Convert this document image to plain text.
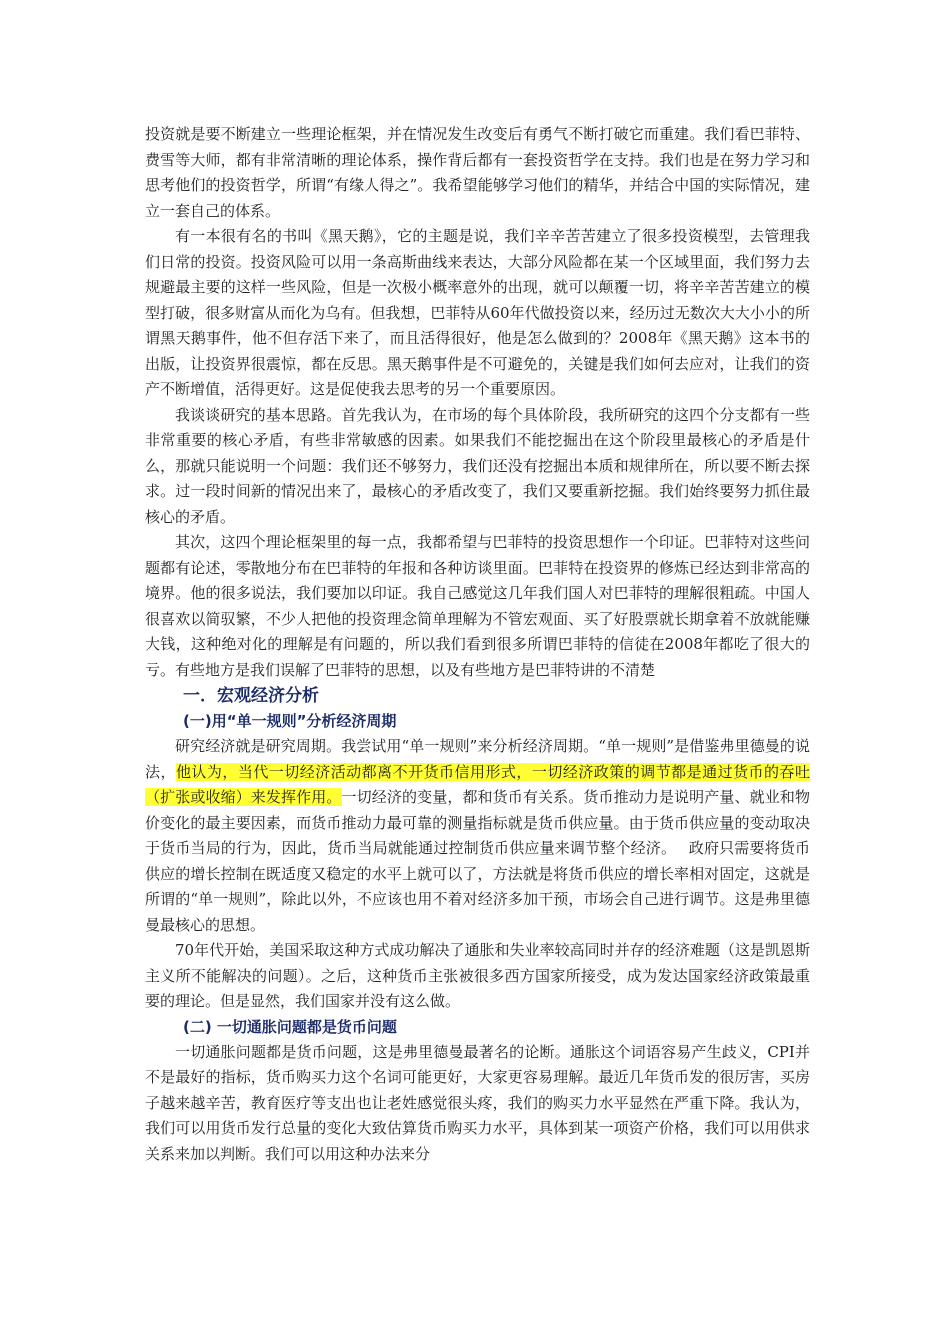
投资就是要不断建立一些理论框架，并在情况发生改变后有勇气不断打破它而重建。我们看巴菲特、费雪等大师，都有非常清晰的理论体系，操作背后都有一套投资哲学在支持。我们也是在努力学习和思考他们的投资哲学，所谓“有缘人得之”。我希望能够学习他们的精华，并结合中国的实际情况，建立一套自己的体系。

有一本很有名的书叫《黑天鹅》，它的主题是说，我们辛辛苦苦建立了很多投资模型，去管理我们日常的投资。投资风险可以用一条高斯曲线来表达，大部分风险都在某一个区域里面，我们努力去规避最主要的这样一些风险，但是一次极小概率意外的出现，就可以颠覆一切，将辛辛苦苦建立的模型打破，很多财富从而化为乌有。但我想，巴菲特从60年代做投资以来，经历过无数次大大小小的所谓黑天鹅事件，他不但存活下来了，而且活得很好，他是怎么做到的？2008年《黑天鹅》这本书的出版，让投资界很震惊，都在反思。黑天鹅事件是不可避免的，关键是我们如何去应对，让我们的资产不断增值，活得更好。这是促使我去思考的另一个重要原因。

我谈谈研究的基本思路。首先我认为，在市场的每个具体阶段，我所研究的这四个分支都有一些非常重要的核心矛盾，有些非常敏感的因素。如果我们不能挖掘出在这个阶段里最核心的矛盾是什么，那就只能说明一个问题：我们还不够努力，我们还没有挖掘出本质和规律所在，所以要不断去探求。过一段时间新的情况出来了，最核心的矛盾改变了，我们又要重新挖掘。我们始终要努力抓住最核心的矛盾。

其次，这四个理论框架里的每一点，我都希望与巴菲特的投资思想作一个印证。巴菲特对这些问题都有论述，零散地分布在巴菲特的年报和各种访谈里面。巴菲特在投资界的修炼已经达到非常高的境界。他的很多说法，我们要加以印证。我自己感觉这几年我们国人对巴菲特的理解很粗疏。中国人很喜欢以简驭繁，不少人把他的投资理念简单理解为不管宏观面、买了好股票就长期拿着不放就能赚大钱，这种绝对化的理解是有问题的，所以我们看到很多所谓巴菲特的信徒在2008年都吃了很大的亏。有些地方是我们误解了巴菲特的思想，以及有些地方是巴菲特讲的不清楚

一．宏观经济分析
(一)用“单一规则”分析经济周期

研究经济就是研究周期。我尝试用“单一规则”来分析经济周期。“单一规则”是借鉴弗里德曼的说法，他认为，当代一切经济活动都离不开货币信用形式，一切经济政策的调节都是通过货币的吞吐（扩张或收缩）来发挥作用。一切经济的变量，都和货币有关系。货币推动力是说明产量、就业和物价变化的最主要因素，而货币推动力最可靠的测量指标就是货币供应量。由于货币供应量的变动取决于货币当局的行为，因此，货币当局就能通过控制货币供应量来调节整个经济。　 政府只需要将货币供应的增长控制在既适度又稳定的水平上就可以了，方法就是将货币供应的增长率相对固定，这就是所谓的“单一规则”，除此以外，不应该也用不着对经济多加干预，市场会自己进行调节。这是弗里德曼最核心的思想。

70年代开始，美国采取这种方式成功解决了通胀和失业率较高同时并存的经济难题（这是凯恩斯主义所不能解决的问题）。之后，这种货币主张被很多西方国家所接受，成为发达国家经济政策最重要的理论。但是显然，我们国家并没有这么做。

(二) 一切通胀问题都是货币问题

一切通胀问题都是货币问题，这是弗里德曼最著名的论断。通胀这个词语容易产生歧义，CPI并不是最好的指标，货币购买力这个名词可能更好，大家更容易理解。最近几年货币发的很厉害，买房子越来越辛苦，教育医疗等支出也让老姓感觉很头疼，我们的购买力水平显然在严重下降。我认为，我们可以用货币发行总量的变化大致估算货币购买力水平，具体到某一项资产价格，我们可以用供求关系来加以判断。我们可以用这种办法来分
